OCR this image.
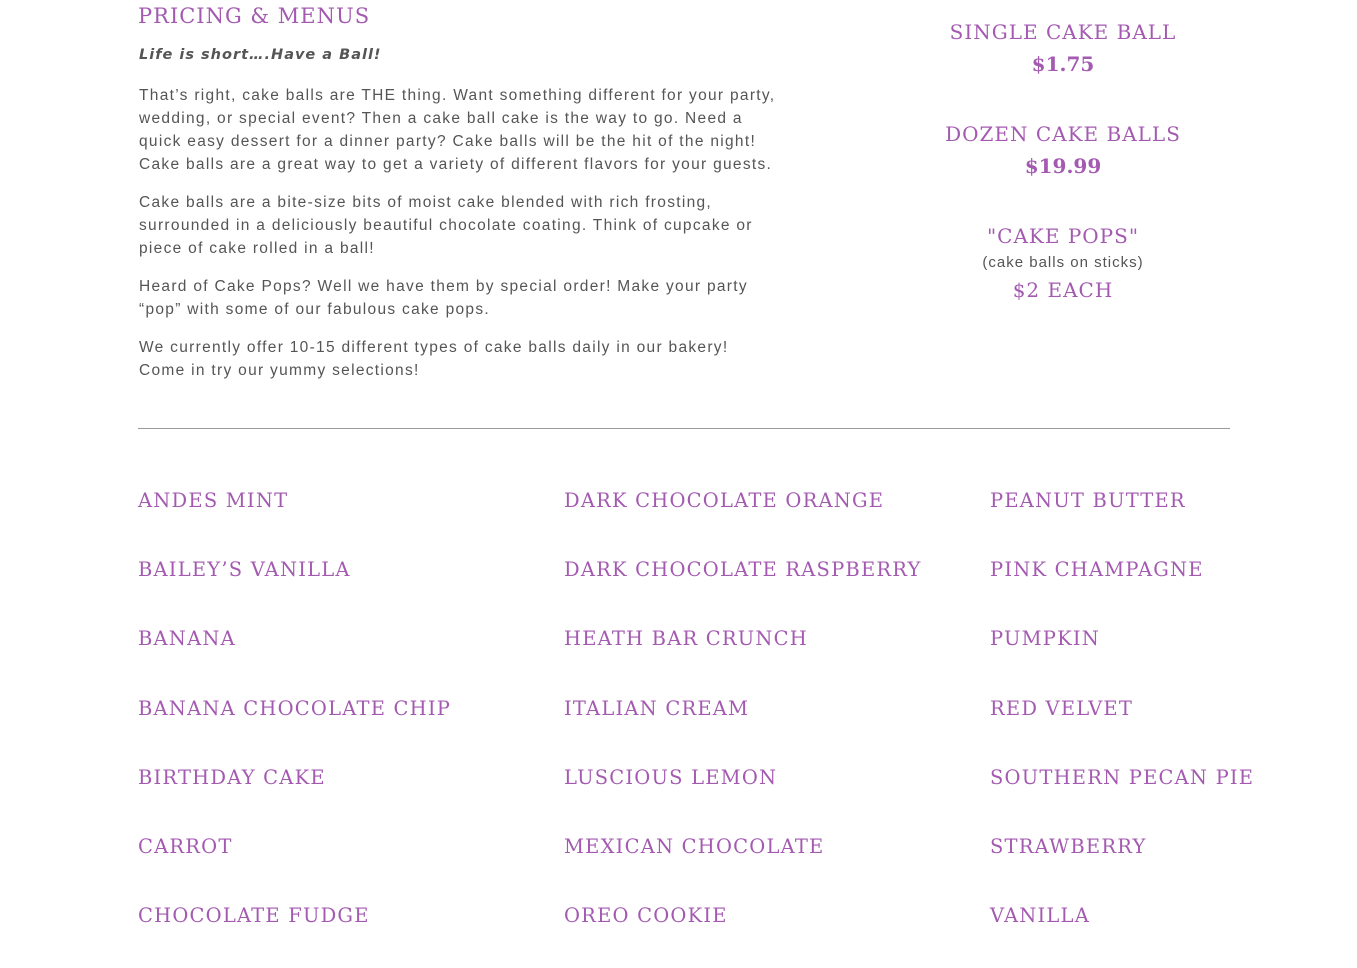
PRICING & MENUS

Life is short….Have a Ball!

That’s right, cake balls are THE thing. Want something different for your party, wedding, or special event? Then a cake ball cake is the way to go. Need a quick easy dessert for a dinner party? Cake balls will be the hit of the night! Cake balls are a great way to get a variety of different flavors for your guests.

Cake balls are a bite-size bits of moist cake blended with rich frosting, surrounded in a deliciously beautiful chocolate coating. Think of cupcake or piece of cake rolled in a ball!

Heard of Cake Pops? Well we have them by special order! Make your party “pop” with some of our fabulous cake pops.

We currently offer 10-15 different types of cake balls daily in our bakery! Come in try our yummy selections!

SINGLE CAKE BALL
$1.75
DOZEN CAKE BALLS
$19.99
"CAKE POPS"
(cake balls on sticks)
$2 EACH
ANDES MINT	DARK CHOCOLATE ORANGE	PEANUT BUTTER
BAILEY’S VANILLA	DARK CHOCOLATE RASPBERRY	PINK CHAMPAGNE
BANANA	HEATH BAR CRUNCH	PUMPKIN
BANANA CHOCOLATE CHIP	ITALIAN CREAM	RED VELVET
BIRTHDAY CAKE	LUSCIOUS LEMON	SOUTHERN PECAN PIE
CARROT	MEXICAN CHOCOLATE	STRAWBERRY
CHOCOLATE FUDGE	OREO COOKIE	VANILLA
